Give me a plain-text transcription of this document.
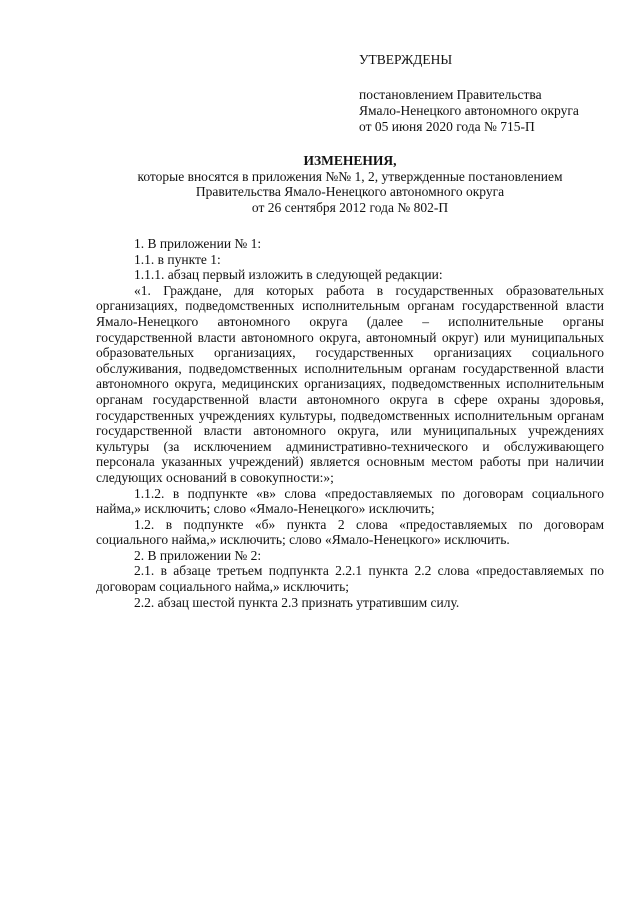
УТВЕРЖДЕНЫ
постановлением Правительства
Ямало-Ненецкого автономного округа
от 05 июня 2020 года № 715-П
ИЗМЕНЕНИЯ,
которые вносятся в приложения №№ 1, 2, утвержденные постановлением
Правительства Ямало-Ненецкого автономного округа
от 26 сентября 2012 года № 802-П

1. В приложении № 1:

1.1. в пункте 1:

1.1.1. абзац первый изложить в следующей редакции:

«1. Граждане, для которых работа в государственных образовательных организациях, подведомственных исполнительным органам государственной власти Ямало-Ненецкого автономного округа (далее – исполнительные органы государственной власти автономного округа, автономный округ) или муниципальных образовательных организациях, государственных организациях социального обслуживания, подведомственных исполнительным органам государственной власти автономного округа, медицинских организациях, подведомственных исполнительным органам государственной власти автономного округа в сфере охраны здоровья, государственных учреждениях культуры, подведомственных исполнительным органам государственной власти автономного округа, или муниципальных учреждениях культуры (за исключением административно-технического и обслуживающего персонала указанных учреждений) является основным местом работы при наличии следующих оснований в совокупности:»;

1.1.2. в подпункте «в» слова «предоставляемых по договорам социального найма,» исключить; слово «Ямало-Ненецкого» исключить;

1.2. в подпункте «б» пункта 2 слова «предоставляемых по договорам социального найма,» исключить; слово «Ямало-Ненецкого» исключить.

2. В приложении № 2:

2.1. в абзаце третьем подпункта 2.2.1 пункта 2.2 слова «предоставляемых по договорам социального найма,» исключить;

2.2. абзац шестой пункта 2.3 признать утратившим силу.
